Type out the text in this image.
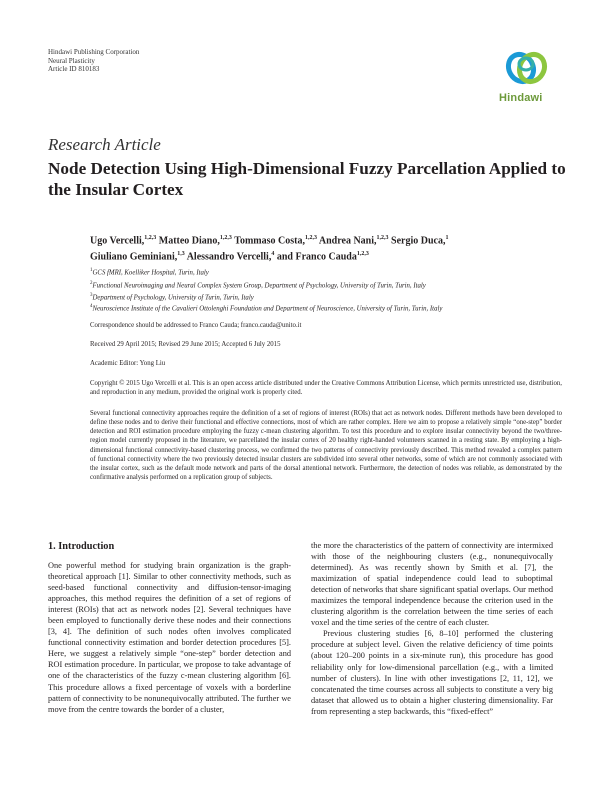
Hindawi Publishing Corporation
Neural Plasticity
Article ID 810183
Hindawi
Research Article
Node Detection Using High-Dimensional Fuzzy Parcellation Applied to the Insular Cortex
Ugo Vercelli,$^{1,2,3}$ Matteo Diano,$^{1,2,3}$ Tommaso Costa,$^{1,2,3}$ Andrea Nani,$^{1,2,3}$ Sergio Duca,$^1$
Giuliano Geminiani,$^{1,3}$ Alessandro Vercelli,$^4$ and Franco Cauda$^{1,2,3}$
$^1$GCS fMRI, Koelliker Hospital, Turin, Italy
$^2$Functional Neuroimaging and Neural Complex System Group, Department of Psychology, University of Turin, Turin, Italy
$^3$Department of Psychology, University of Turin, Turin, Italy
$^4$Neuroscience Institute of the Cavalieri Ottolenghi Foundation and Department of Neuroscience, University of Turin, Turin, Italy
Correspondence should be addressed to Franco Cauda; franco.cauda@unito.it
Received 29 April 2015; Revised 29 June 2015; Accepted 6 July 2015
Academic Editor: Yong Liu
Copyright © 2015 Ugo Vercelli et al. This is an open access article distributed under the Creative Commons Attribution License, which permits unrestricted use, distribution, and reproduction in any medium, provided the original work is properly cited.
Several functional connectivity approaches require the definition of a set of regions of interest (ROIs) that act as network nodes. Different methods have been developed to define these nodes and to derive their functional and effective connections, most of which are rather complex. Here we aim to propose a relatively simple “one-step” border detection and ROI estimation procedure employing the fuzzy c-mean clustering algorithm. To test this procedure and to explore insular connectivity beyond the two/three-region model currently proposed in the literature, we parcellated the insular cortex of 20 healthy right-handed volunteers scanned in a resting state. By employing a high-dimensional functional connectivity-based clustering process, we confirmed the two patterns of connectivity previously described. This method revealed a complex pattern of functional connectivity where the two previously detected insular clusters are subdivided into several other networks, some of which are not commonly associated with the insular cortex, such as the default mode network and parts of the dorsal attentional network. Furthermore, the detection of nodes was reliable, as demonstrated by the confirmative analysis performed on a replication group of subjects.
1. Introduction

One powerful method for studying brain organization is the graph-theoretical approach [1]. Similar to other connectivity methods, such as seed-based functional connectivity and diffusion-tensor-imaging approaches, this method requires the definition of a set of regions of interest (ROIs) that act as network nodes [2]. Several techniques have been employed to functionally derive these nodes and their connections [3, 4]. The definition of such nodes often involves complicated functional connectivity estimation and border detection procedures [5]. Here, we suggest a relatively simple “one-step” border detection and ROI estimation procedure. In particular, we propose to take advantage of one of the characteristics of the fuzzy c-mean clustering algorithm [6]. This procedure allows a fixed percentage of voxels with a borderline pattern of connectivity to be nonunequivocally attributed. The further we move from the centre towards the border of a cluster,

the more the characteristics of the pattern of connectivity are intermixed with those of the neighbouring clusters (e.g., nonunequivocally determined). As was recently shown by Smith et al. [7], the maximization of spatial independence could lead to suboptimal detection of networks that share significant spatial overlaps. Our method maximizes the temporal independence because the criterion used in the clustering algorithm is the correlation between the time series of each voxel and the time series of the centre of each cluster.

Previous clustering studies [6, 8–10] performed the clustering procedure at subject level. Given the relative deficiency of time points (about 120–200 points in a six-minute run), this procedure has good reliability only for low-dimensional parcellation (e.g., with a limited number of clusters). In line with other investigations [2, 11, 12], we concatenated the time courses across all subjects to constitute a very big dataset that allowed us to obtain a higher clustering dimensionality. Far from representing a step backwards, this “fixed-effect”
